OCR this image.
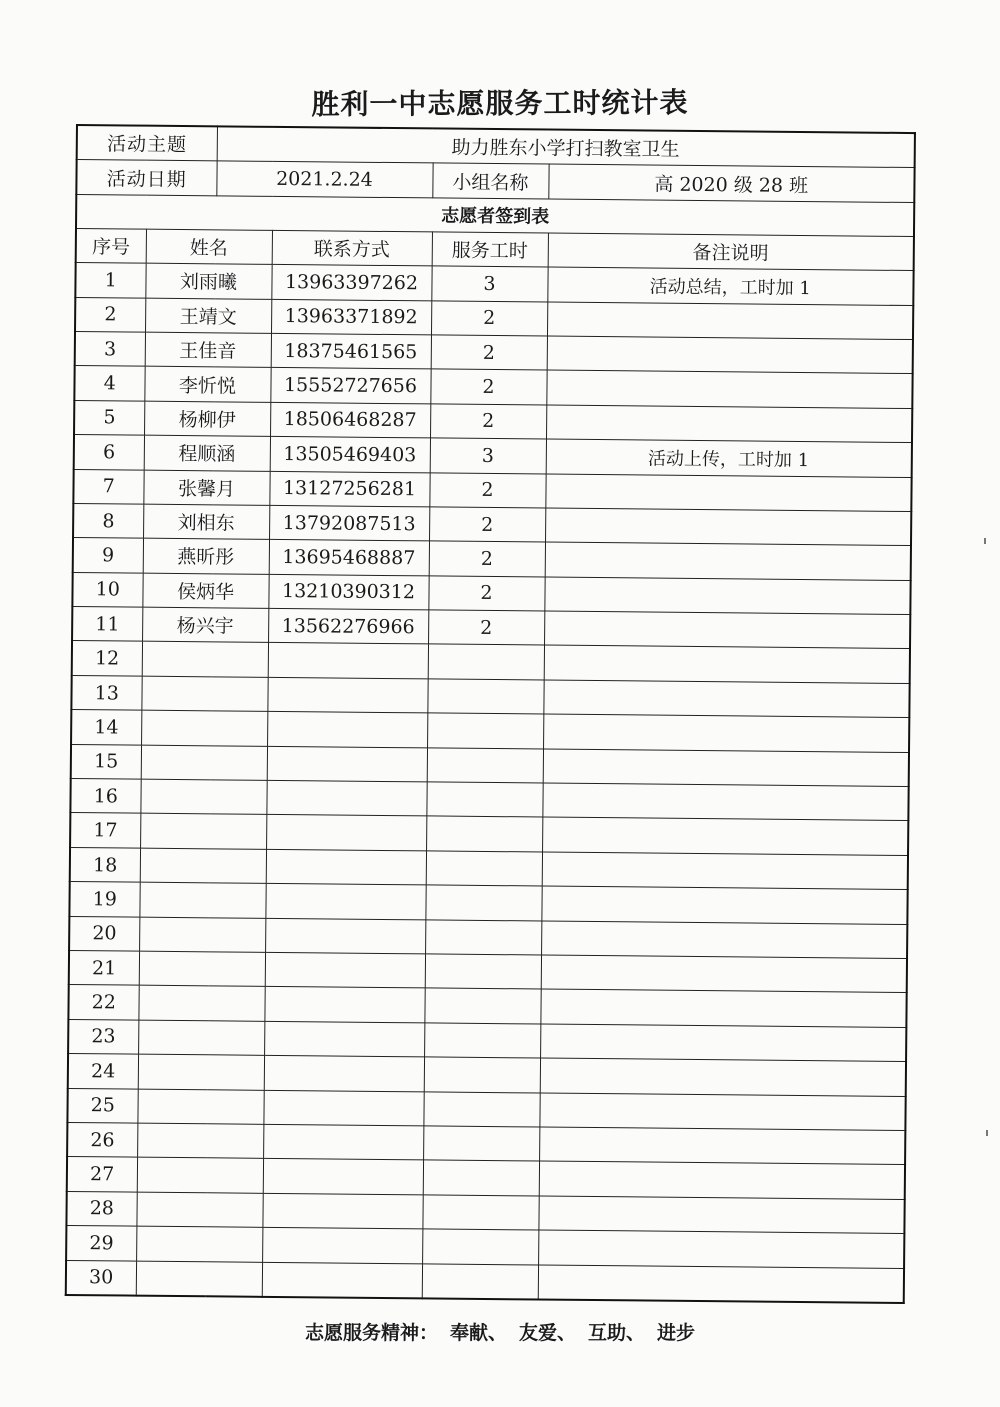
胜利一中志愿服务工时统计表
活动主题		助力胜东小学打扫教室卫生			
活动日期		2021.2.24		小组名称	高 2020 级 28 班
志愿者签到表					
序号	姓名		联系方式	服务工时	备注说明
1	刘雨曦		13963397262	3	活动总结，工时加 1
2	王靖文		13963371892	2	
3	王佳音		18375461565	2	
4	李忻悦		15552727656	2	
5	杨柳伊		18506468287	2	
6	程顺涵		13505469403	3	活动上传，工时加 1
7	张馨月		13127256281	2	
8	刘相东		13792087513	2	
9	燕昕彤		13695468887	2	
10	侯炳华		13210390312	2	
11	杨兴宇		13562276966	2	
12					
13					
14					
15					
16					
17					
18					
19					
20					
21					
22					
23					
24					
25					
26					
27					
28					
29					
30					
志愿服务精神： 奉献、 友爱、 互助、 进步
